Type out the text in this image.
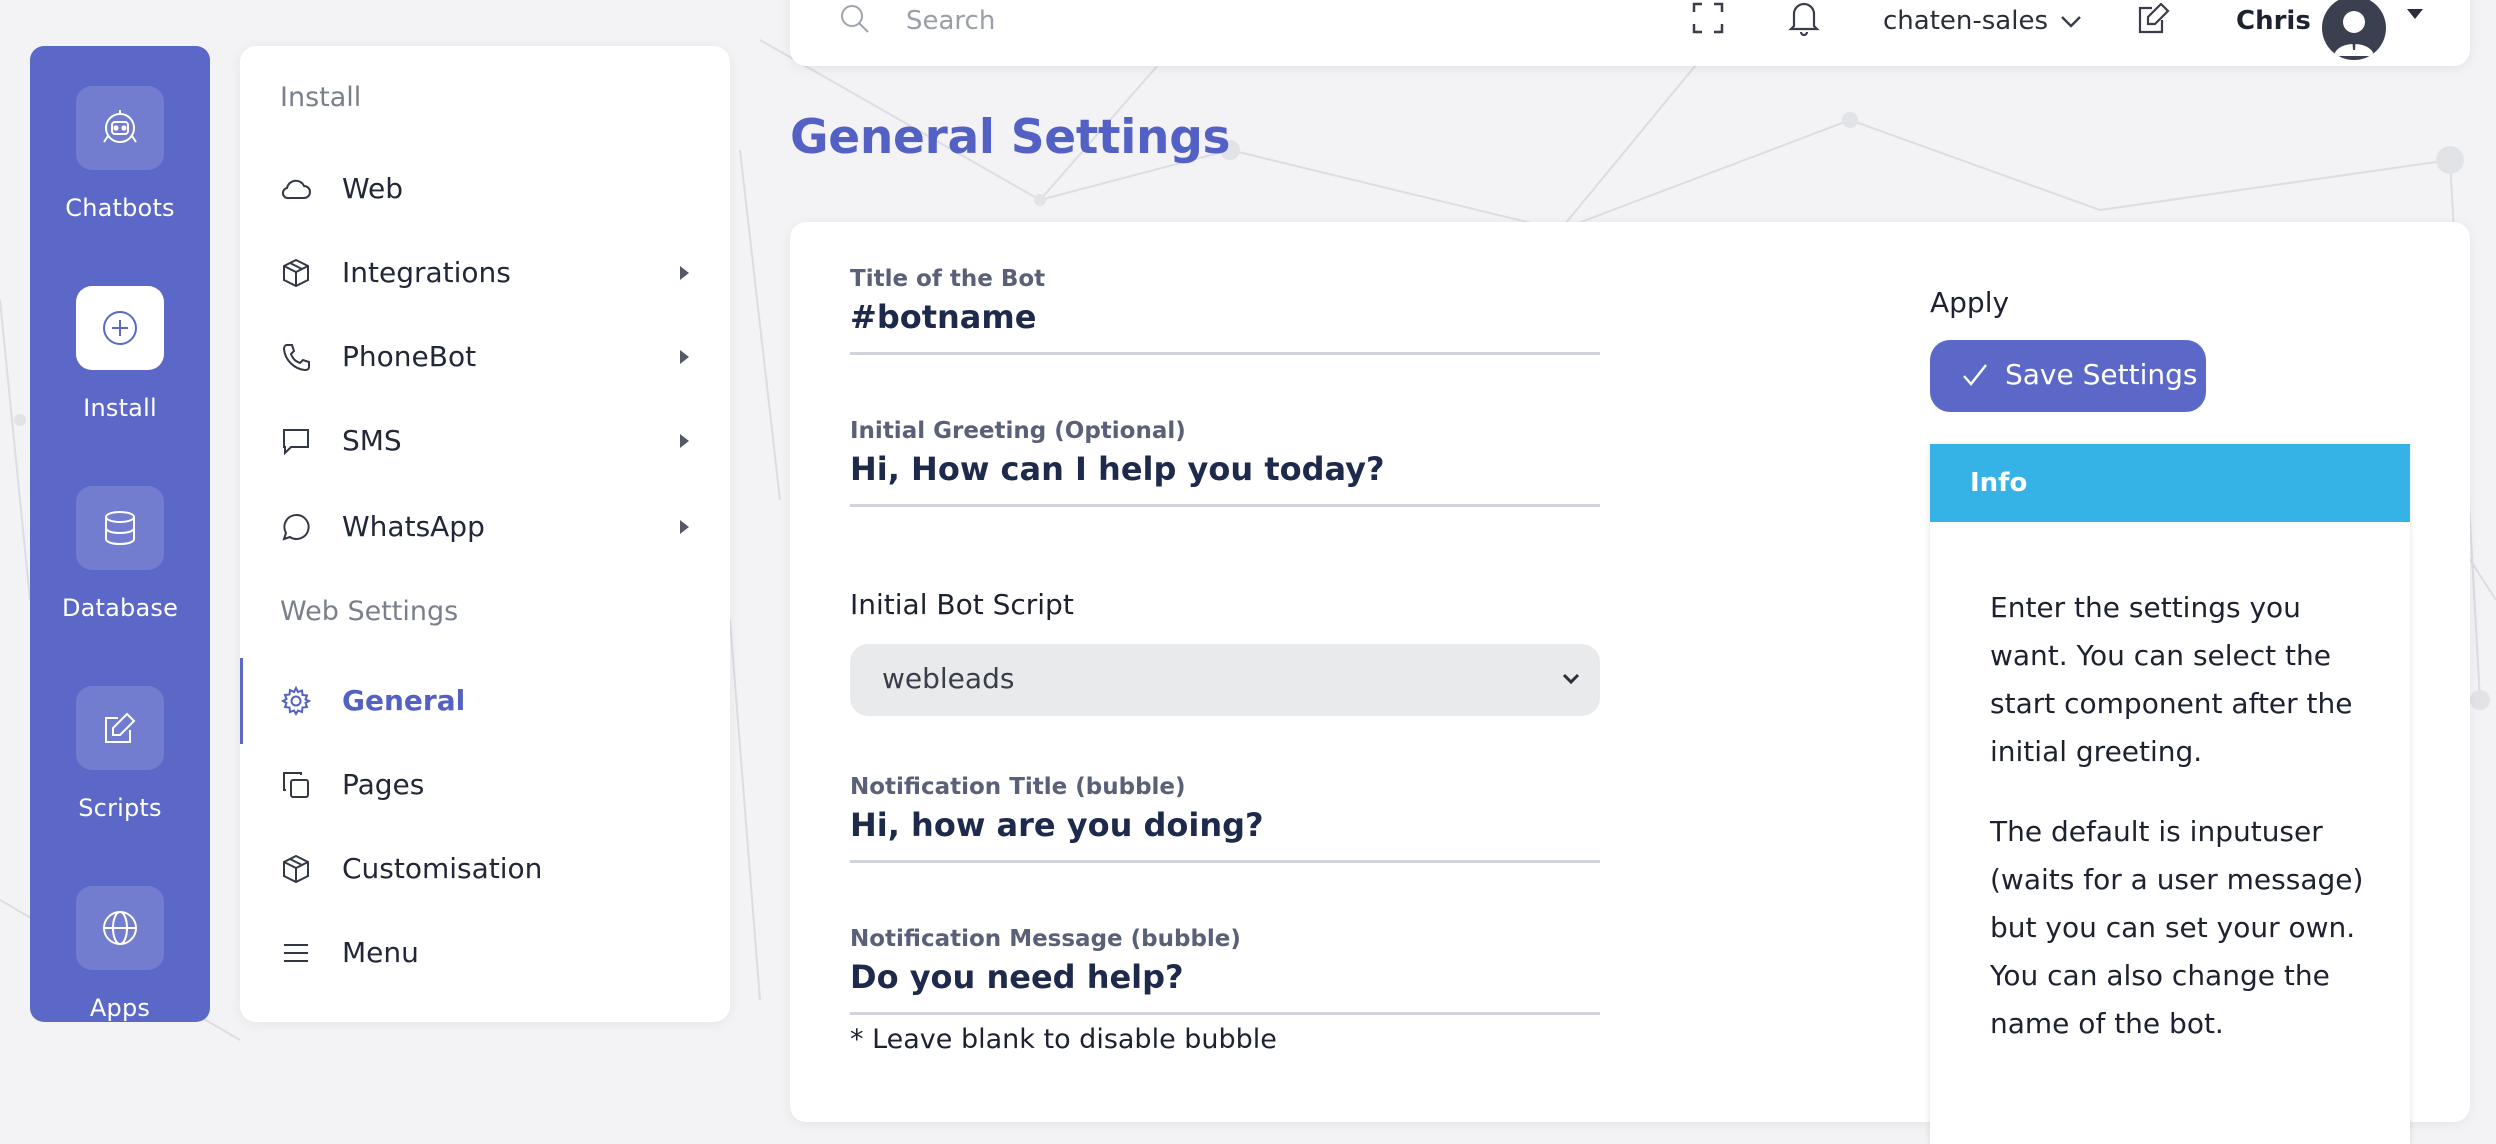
Chatbots
Install
Database
Scripts
Apps
Install
Web
Integrations
PhoneBot
SMS
WhatsApp
Web Settings
General
Pages
Customisation
Menu
Search	chaten-sales	Chris
General Settings
Title of the Bot
#botname
Initial Greeting (Optional)
Hi, How can I help you today?
Initial Bot Script
webleads
Notification Title (bubble)
Hi, how are you doing?
Notification Message (bubble)
Do you need help?
* Leave blank to disable bubble
Apply
Save Settings
Info

Enter the settings you want. You can select the start component after the initial greeting.

The default is inputuser (waits for a user message) but you can set your own. You can also change the name of the bot.
